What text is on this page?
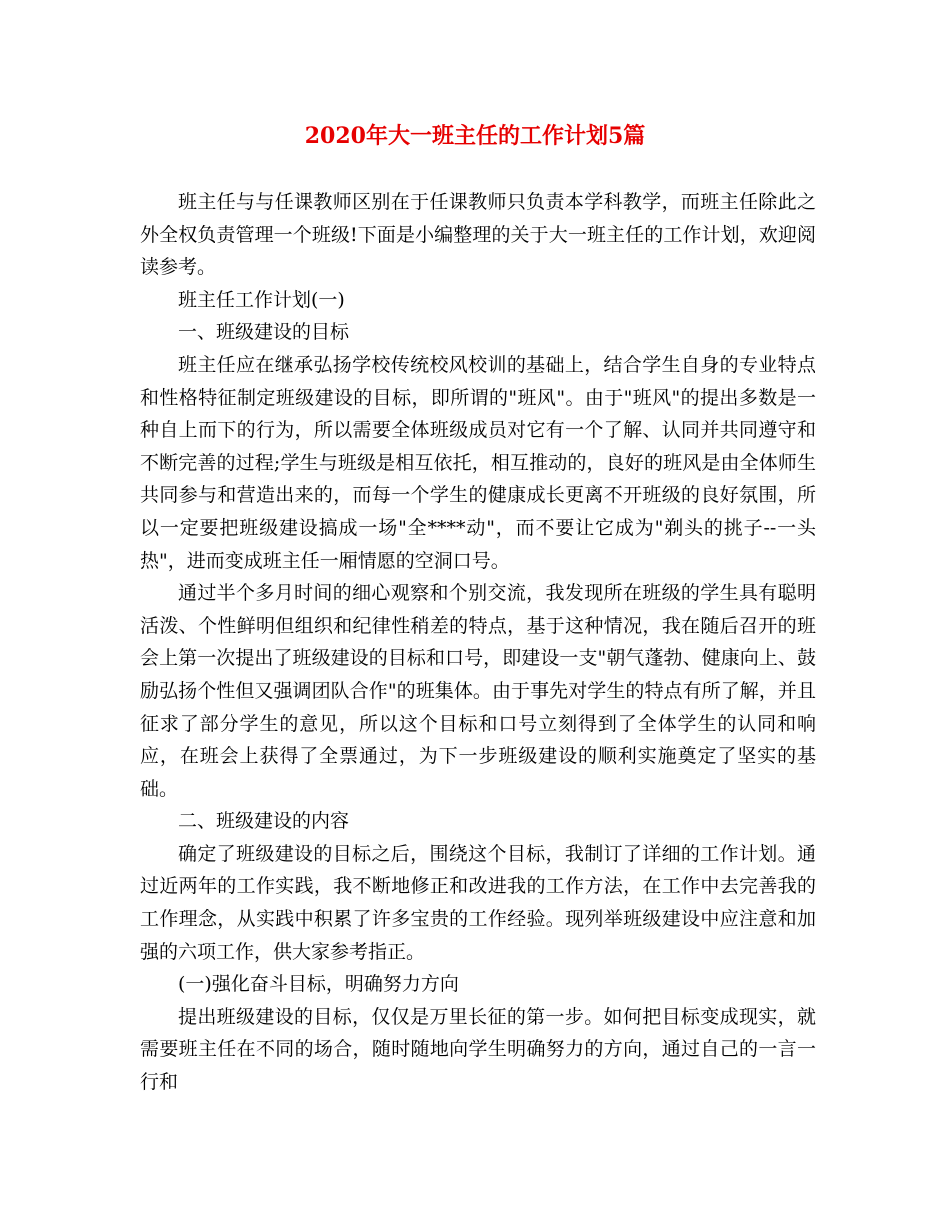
2020年大一班主任的工作计划5篇

班主任与与任课教师区别在于任课教师只负责本学科教学，而班主任除此之外全权负责管理一个班级!下面是小编整理的关于大一班主任的工作计划，欢迎阅读参考。

班主任工作计划(一)

一、班级建设的目标

班主任应在继承弘扬学校传统校风校训的基础上，结合学生自身的专业特点和性格特征制定班级建设的目标，即所谓的"班风"。由于"班风"的提出多数是一种自上而下的行为，所以需要全体班级成员对它有一个了解、认同并共同遵守和不断完善的过程;学生与班级是相互依托，相互推动的，良好的班风是由全体师生共同参与和营造出来的，而每一个学生的健康成长更离不开班级的良好氛围，所以一定要把班级建设搞成一场"全****动"，而不要让它成为"剃头的挑子--一头热"，进而变成班主任一厢情愿的空洞口号。

通过半个多月时间的细心观察和个别交流，我发现所在班级的学生具有聪明活泼、个性鲜明但组织和纪律性稍差的特点，基于这种情况，我在随后召开的班会上第一次提出了班级建设的目标和口号，即建设一支"朝气蓬勃、健康向上、鼓励弘扬个性但又强调团队合作"的班集体。由于事先对学生的特点有所了解，并且征求了部分学生的意见，所以这个目标和口号立刻得到了全体学生的认同和响应，在班会上获得了全票通过，为下一步班级建设的顺利实施奠定了坚实的基础。

二、班级建设的内容

确定了班级建设的目标之后，围绕这个目标，我制订了详细的工作计划。通过近两年的工作实践，我不断地修正和改进我的工作方法，在工作中去完善我的工作理念，从实践中积累了许多宝贵的工作经验。现列举班级建设中应注意和加强的六项工作，供大家参考指正。

(一)强化奋斗目标，明确努力方向

提出班级建设的目标，仅仅是万里长征的第一步。如何把目标变成现实，就需要班主任在不同的场合，随时随地向学生明确努力的方向，通过自己的一言一行和
